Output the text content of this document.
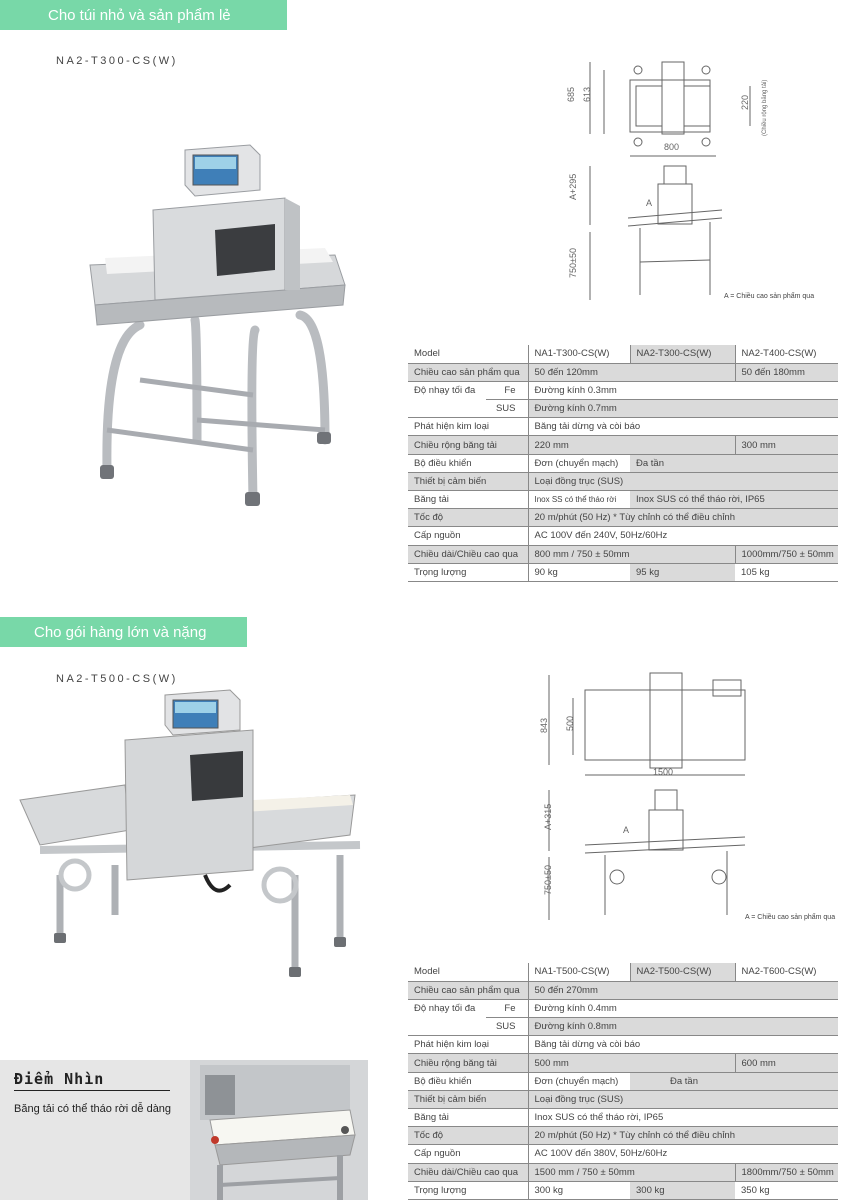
Cho túi nhỏ và sản phẩm lẻ
NA2-T300-CS(W)
685 613
220 (Chiều rộng băng tải)
800
A+295
A
750±50
A = Chiều cao sản phẩm qua
Model		NA1-T300-CS(W)	NA2-T300-CS(W)	NA2-T400-CS(W)
Chiều cao sản phẩm qua		50 đến 120mm		50 đến 180mm
Độ nhạy tối đa	Fe	Đường kính 0.3mm		
	SUS	Đường kính 0.7mm		
Phát hiện kim loại		Băng tải dừng và còi báo		
Chiều rộng băng tải		220 mm		300 mm
Bộ điều khiển		Đơn (chuyển mạch)	Đa tần	
Thiết bị cảm biến		Loại đồng trục (SUS)		
Băng tải		Inox SS có thể tháo rời	Inox SUS có thể tháo rời, IP65	
Tốc độ		20 m/phút (50 Hz) * Tùy chỉnh có thể điều chỉnh		
Cấp nguồn		AC 100V đến 240V, 50Hz/60Hz		
Chiều dài/Chiều cao qua		800 mm / 750 ± 50mm		1000mm/750 ± 50mm
Trọng lượng		90 kg	95 kg	105 kg
Cho gói hàng lớn và nặng
NA2-T500-CS(W)
843 500
1500
A+315	A
750±50
A = Chiều cao sản phẩm qua
Model		NA1-T500-CS(W)	NA2-T500-CS(W)	NA2-T600-CS(W)
Chiều cao sản phẩm qua		50 đến 270mm		
Độ nhạy tối đa	Fe	Đường kính 0.4mm		
	SUS	Đường kính 0.8mm		
Phát hiện kim loại		Băng tải dừng và còi báo		
Chiều rộng băng tải		500 mm		600 mm
Bộ điều khiển		Đơn (chuyển mạch)	Đa tần	
Thiết bị cảm biến		Loại đồng trục (SUS)		
Băng tải		Inox SUS có thể tháo rời, IP65		
Tốc độ		20 m/phút (50 Hz) * Tùy chỉnh có thể điều chỉnh		
Cấp nguồn		AC 100V đến 380V, 50Hz/60Hz		
Chiều dài/Chiều cao qua		1500 mm / 750 ± 50mm		1800mm/750 ± 50mm
Trọng lượng		300 kg	300 kg	350 kg
Điểm Nhìn
Băng tải có thể tháo rời dễ dàng
